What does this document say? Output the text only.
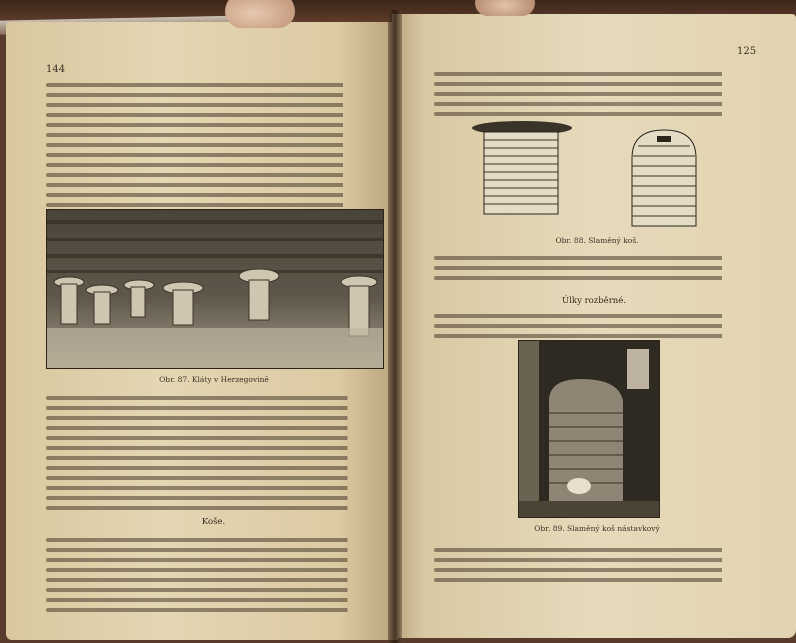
144
Obr. 87. Kláty v Herzegovině
Koše.
125
Obr. 88. Slaměný koš.
Úlky rozběrné.
Obr. 89. Slaměný koš nástavkový
